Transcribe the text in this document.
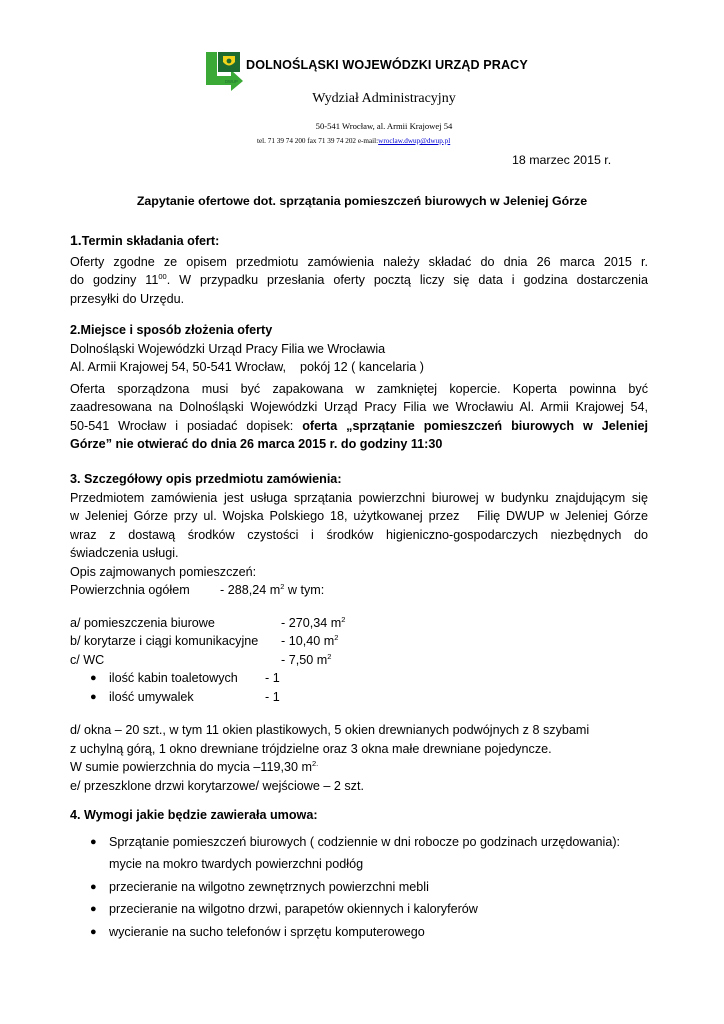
DWUP
DOLNOŚLĄSKI WOJEWÓDZKI URZĄD PRACY
Wydział Administracyjny
50-541 Wrocław, al. Armii Krajowej 54
tel. 71 39 74 200 fax 71 39 74 202 e-mail:wroclaw.dwup@dwup.pl
18 marzec 2015 r.
Zapytanie ofertowe dot. sprzątania pomieszczeń biurowych w Jeleniej Górze

1.Termin składania ofert:

Oferty zgodne ze opisem przedmiotu zamówienia należy składać do dnia 26 marca 2015 r.

do godziny $11^{00}$. W przypadku przesłania oferty pocztą liczy się data i godzina dostarczenia

przesyłki do Urzędu.

2.Miejsce i sposób złożenia oferty

Dolnośląski Wojewódzki Urząd Pracy Filia we Wrocławia

Al. Armii Krajowej 54, 50-541 Wrocław,    pokój 12 ( kancelaria )

Oferta sporządzona musi być zapakowana w zamkniętej kopercie. Koperta powinna być

zaadresowana na Dolnośląski Wojewódzki Urząd Pracy Filia we Wrocławiu Al. Armii Krajowej 54,

50-541 Wrocław i posiadać dopisek: oferta „sprzątanie pomieszczeń biurowych w Jeleniej

Górze” nie otwierać do dnia 26 marca 2015 r. do godziny 11:30

3. Szczegółowy opis przedmiotu zamówienia:

Przedmiotem zamówienia jest usługa sprzątania powierzchni biurowej w budynku znajdującym się

w Jeleniej Górze przy ul. Wojska Polskiego 18, użytkowanej przez   Filię DWUP w Jeleniej Górze

wraz z dostawą środków czystości i środków higieniczno-gospodarczych niezbędnych do

świadczenia usługi.

Opis zajmowanych pomieszczeń:

Powierzchnia ogółem	- 288,24 $m^2$ w tym:
a/ pomieszczenia biurowe	- 270,34 $m^2$
b/ korytarze i ciągi komunikacyjne	- 10,40 $m^2$
c/ WC	- 7,50 $m^2$
● ilość kabin toaletowych - 1
● ilość umywalek	- 1

d/ okna – 20 szt., w tym 11 okien plastikowych, 5 okien drewnianych podwójnych z 8 szybami

z uchylną górą, 1 okno drewniane trójdzielne oraz 3 okna małe drewniane pojedyncze.

W sumie powierzchnia do mycia –119,30 $m^{2.}$

e/ przeszklone drzwi korytarzowe/ wejściowe – 2 szt.

4. Wymogi jakie będzie zawierała umowa:

● Sprzątanie pomieszczeń biurowych ( codziennie w dni robocze po godzinach urzędowania):
mycie na mokro twardych powierzchni podłóg
● przecieranie na wilgotno zewnętrznych powierzchni mebli
● przecieranie na wilgotno drzwi, parapetów okiennych i kaloryferów
● wycieranie na sucho telefonów i sprzętu komputerowego
